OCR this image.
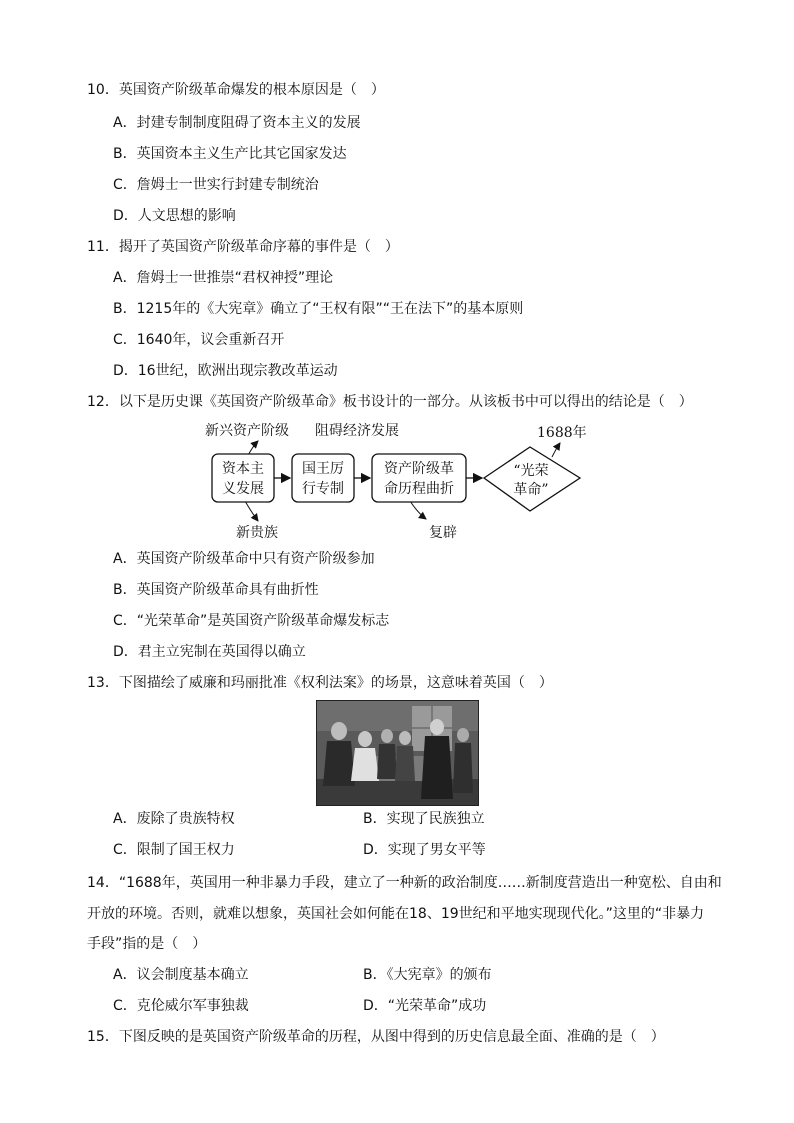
10．英国资产阶级革命爆发的根本原因是（　）
A．封建专制制度阻碍了资本主义的发展
B．英国资本主义生产比其它国家发达
C．詹姆士一世实行封建专制统治
D．人文思想的影响
11．揭开了英国资产阶级革命序幕的事件是（　）
A．詹姆士一世推崇“君权神授”理论
B．1215年的《大宪章》确立了“王权有限”“王在法下”的基本原则
C．1640年，议会重新召开
D．16世纪，欧洲出现宗教改革运动
12．以下是历史课《英国资产阶级革命》板书设计的一部分。从该板书中可以得出的结论是（　）
新兴资产阶级 阻碍经济发展	1688年
资本主
义发展
国王厉
行专制
资产阶级革
命历程曲折
“光荣
革命”
新贵族	复辟
A．英国资产阶级革命中只有资产阶级参加
B．英国资产阶级革命具有曲折性
C．“光荣革命”是英国资产阶级革命爆发标志
D．君主立宪制在英国得以确立
13．下图描绘了威廉和玛丽批准《权利法案》的场景，这意味着英国（　）
A．废除了贵族特权	B．实现了民族独立
C．限制了国王权力	D．实现了男女平等
14．“1688年，英国用一种非暴力手段，建立了一种新的政治制度……新制度营造出一种宽松、自由和
开放的环境。否则，就难以想象，英国社会如何能在18、19世纪和平地实现现代化。”这里的“非暴力
手段”指的是（　）
A．议会制度基本确立	B．《大宪章》的颁布
C．克伦威尔军事独裁	D．“光荣革命”成功
15．下图反映的是英国资产阶级革命的历程，从图中得到的历史信息最全面、准确的是（　）
